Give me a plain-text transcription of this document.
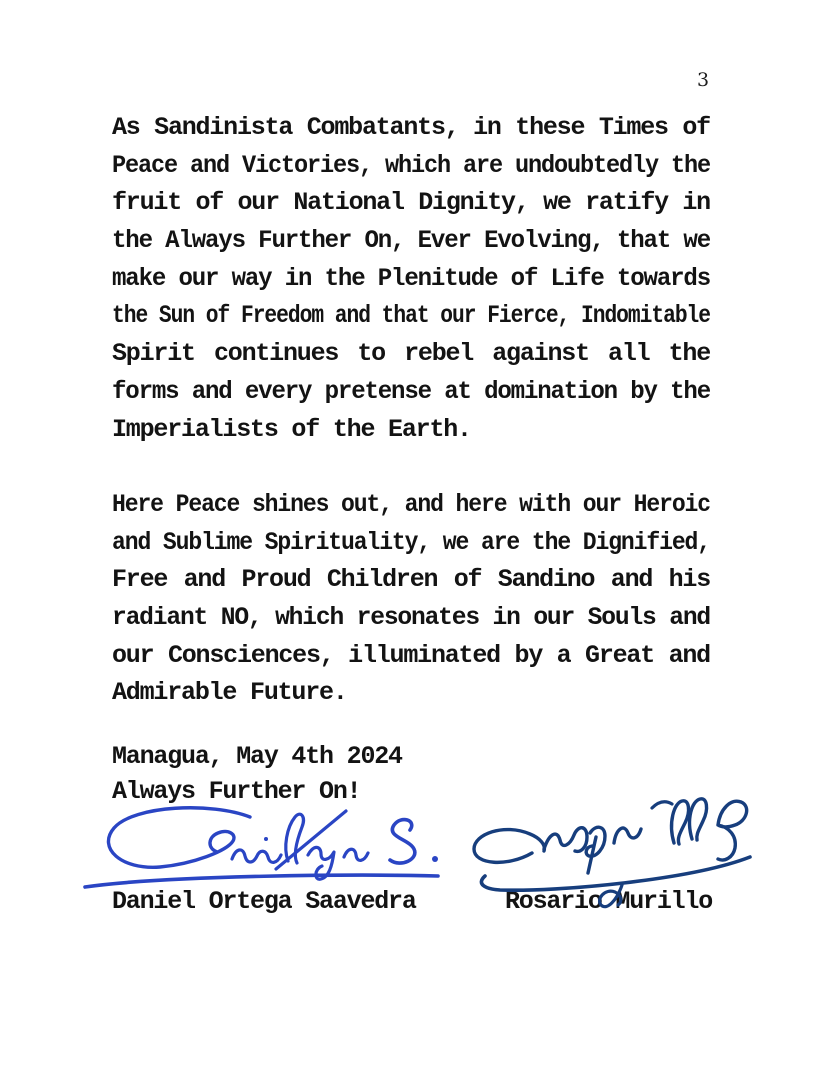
3
As Sandinista Combatants, in these Times of
Peace and Victories, which are undoubtedly the
fruit of our National Dignity, we ratify in
the Always Further On, Ever Evolving, that we
make our way in the Plenitude of Life towards
the Sun of Freedom and that our Fierce, Indomitable
Spirit continues to rebel against all the
forms and every pretense at domination by the
Imperialists of the Earth.
Here Peace shines out, and here with our Heroic
and Sublime Spirituality, we are the Dignified,
Free and Proud Children of Sandino and his
radiant NO, which resonates in our Souls and
our Consciences, illuminated by a Great and
Admirable Future.
Managua, May 4th 2024
Always Further On!
Daniel Ortega Saavedra	Rosario Murillo
